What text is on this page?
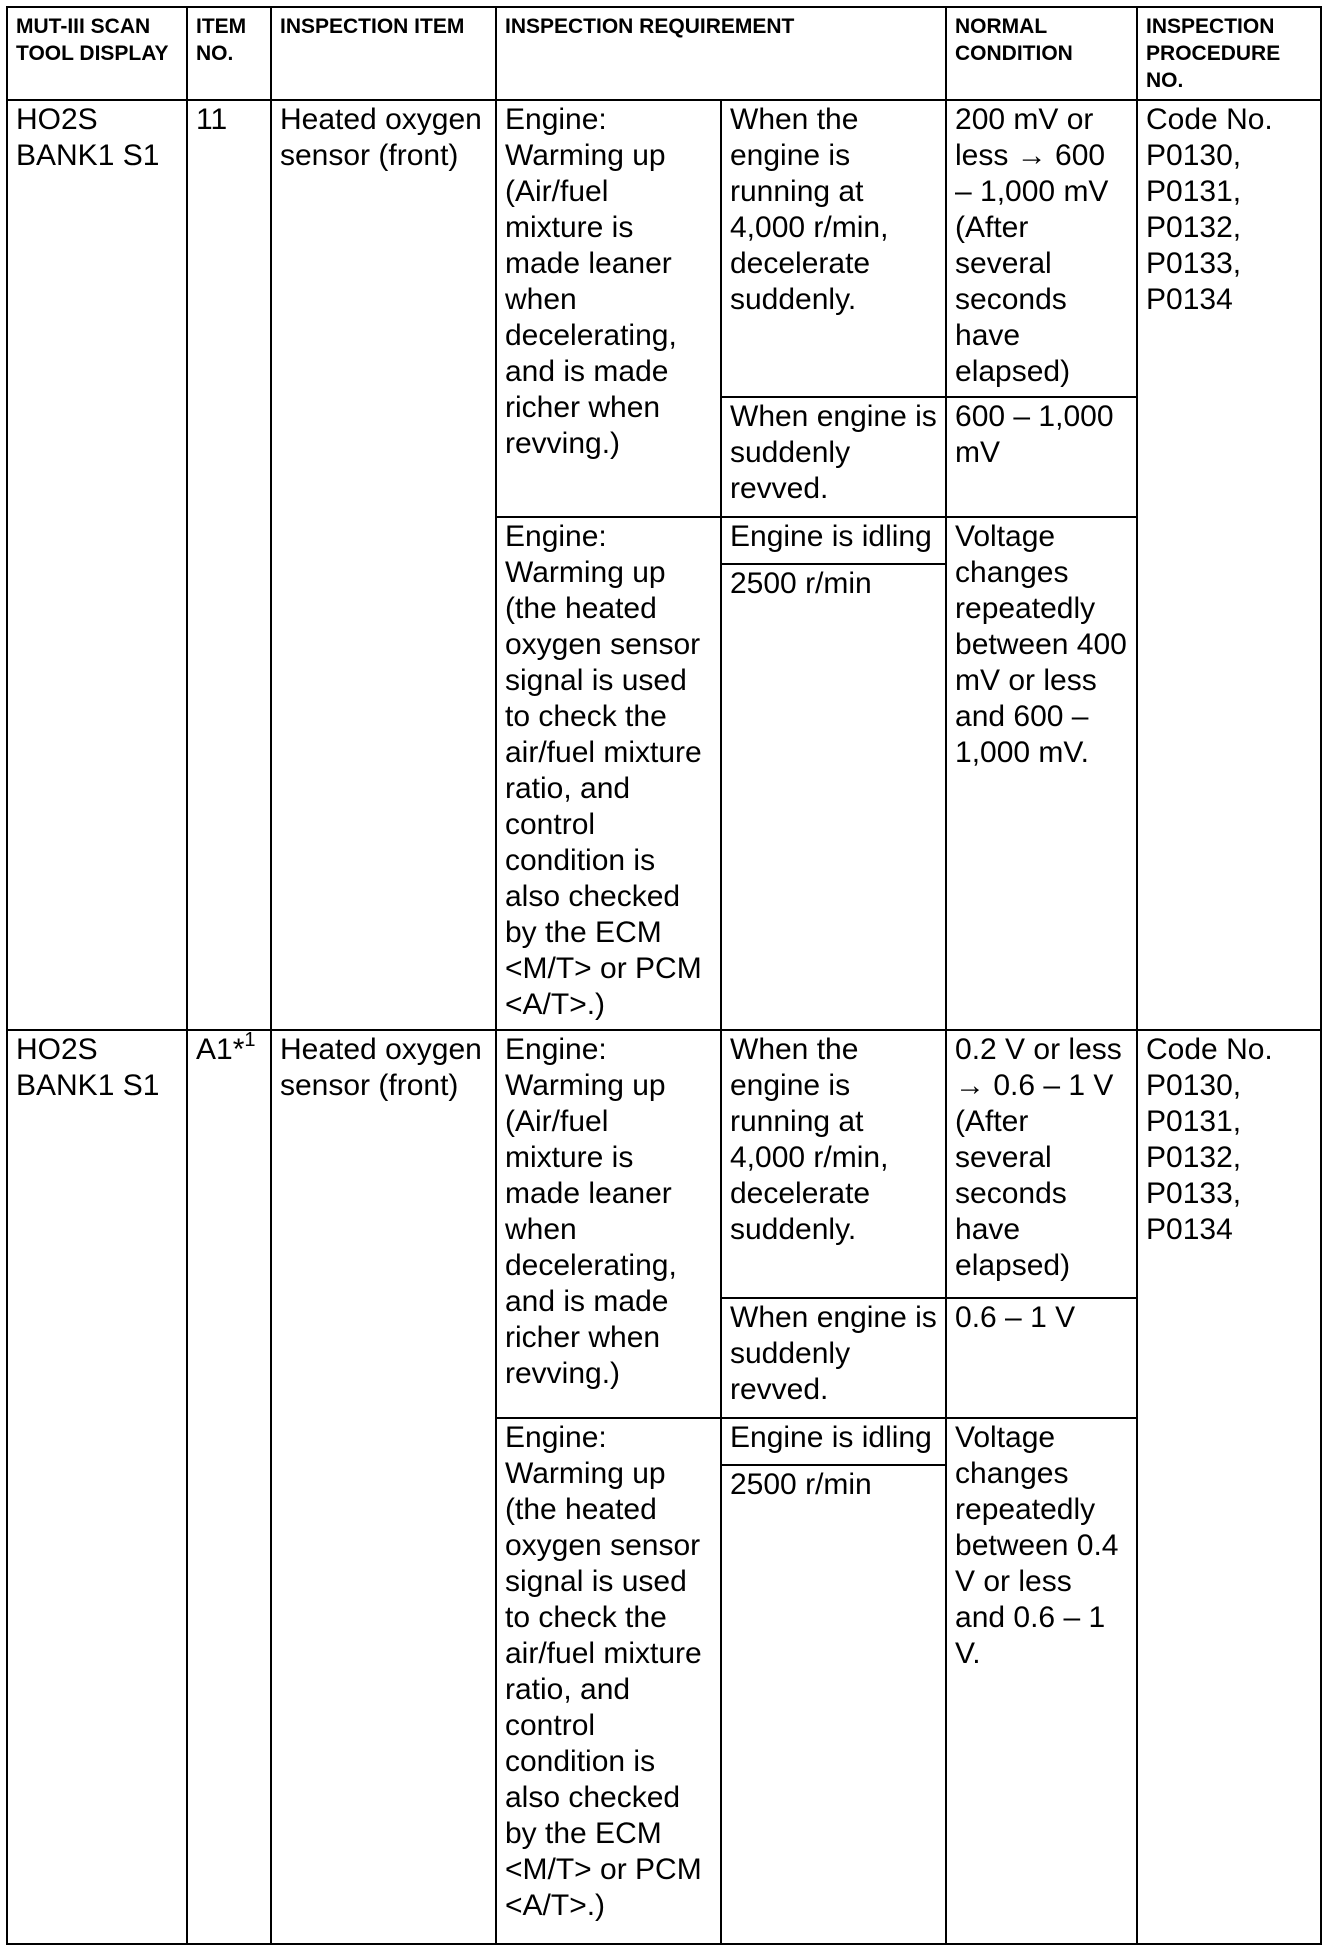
MUT-III SCAN TOOL DISPLAY	ITEM NO.	INSPECTION ITEM	INSPECTION REQUIREMENT		NORMAL CONDITION	INSPECTION PROCEDURE NO.
HO2S BANK1 S1	11	Heated oxygen sensor (front)	Engine: Warming up (Air/fuel mixture is made leaner when decelerating, and is made richer when revving.)	When the engine is running at 4,000 r/min, decelerate suddenly.	200 mV or less → 600 – 1,000 mV (After several seconds have elapsed)	Code No. P0130, P0131, P0132, P0133, P0134
				When engine is suddenly revved.	600 – 1,000 mV	
			Engine: Warming up (the heated oxygen sensor signal is used to check the air/fuel mixture ratio, and control condition is also checked by the ECM <M/T> or PCM <A/T>.)	Engine is idling	Voltage changes repeatedly between 400 mV or less and 600 – 1,000 mV.	
				2500 r/min		
HO2S BANK1 S1	A1*$^1$	Heated oxygen sensor (front)	Engine: Warming up (Air/fuel mixture is made leaner when decelerating, and is made richer when revving.)	When the engine is running at 4,000 r/min, decelerate suddenly.	0.2 V or less → 0.6 – 1 V (After several seconds have elapsed)	Code No. P0130, P0131, P0132, P0133, P0134
				When engine is suddenly revved.	0.6 – 1 V	
			Engine: Warming up (the heated oxygen sensor signal is used to check the air/fuel mixture ratio, and control condition is also checked by the ECM <M/T> or PCM <A/T>.)	Engine is idling	Voltage changes repeatedly between 0.4 V or less and 0.6 – 1 V.	
				2500 r/min		
